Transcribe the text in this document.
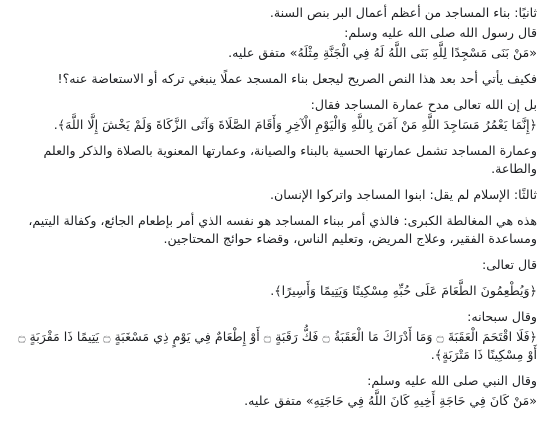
ثانيًا: بناء المساجد من أعظم أعمال البر بنص السنة.

قال رسول الله صلى الله عليه وسلم:

«مَنْ بَنَى مَسْجِدًا لِلَّهِ بَنَى اللَّهُ لَهُ فِي الْجَنَّةِ مِثْلَهُ» متفق عليه.

فكيف يأتي أحد بعد هذا النص الصريح ليجعل بناء المسجد عملًا ينبغي تركه أو الاستعاضة عنه؟!

بل إن الله تعالى مدح عمارة المساجد فقال:

﴿إِنَّمَا يَعْمُرُ مَسَاجِدَ اللَّهِ مَنْ آمَنَ بِاللَّهِ وَالْيَوْمِ الْآخِرِ وَأَقَامَ الصَّلَاةَ وَآتَى الزَّكَاةَ وَلَمْ يَخْشَ إِلَّا اللَّهَ﴾.

وعمارة المساجد تشمل عمارتها الحسية بالبناء والصيانة، وعمارتها المعنوية بالصلاة والذكر والعلم والطاعة.

ثالثًا: الإسلام لم يقل: ابنوا المساجد واتركوا الإنسان.

هذه هي المغالطة الكبرى: فالذي أمر ببناء المساجد هو نفسه الذي أمر بإطعام الجائع، وكفالة اليتيم، ومساعدة الفقير، وعلاج المريض، وتعليم الناس، وقضاء حوائج المحتاجين.

قال تعالى:

﴿وَيُطْعِمُونَ الطَّعَامَ عَلَى حُبِّهِ مِسْكِينًا وَيَتِيمًا وَأَسِيرًا﴾.

وقال سبحانه:

﴿فَلَا اقْتَحَمَ الْعَقَبَةَ ۝ وَمَا أَدْرَاكَ مَا الْعَقَبَةُ ۝ فَكُّ رَقَبَةٍ ۝ أَوْ إِطْعَامٌ فِي يَوْمٍ ذِي مَسْغَبَةٍ ۝ يَتِيمًا ذَا مَقْرَبَةٍ ۝ أَوْ مِسْكِينًا ذَا مَتْرَبَةٍ﴾.

وقال النبي صلى الله عليه وسلم:

«مَنْ كَانَ فِي حَاجَةِ أَخِيهِ كَانَ اللَّهُ فِي حَاجَتِهِ» متفق عليه.
